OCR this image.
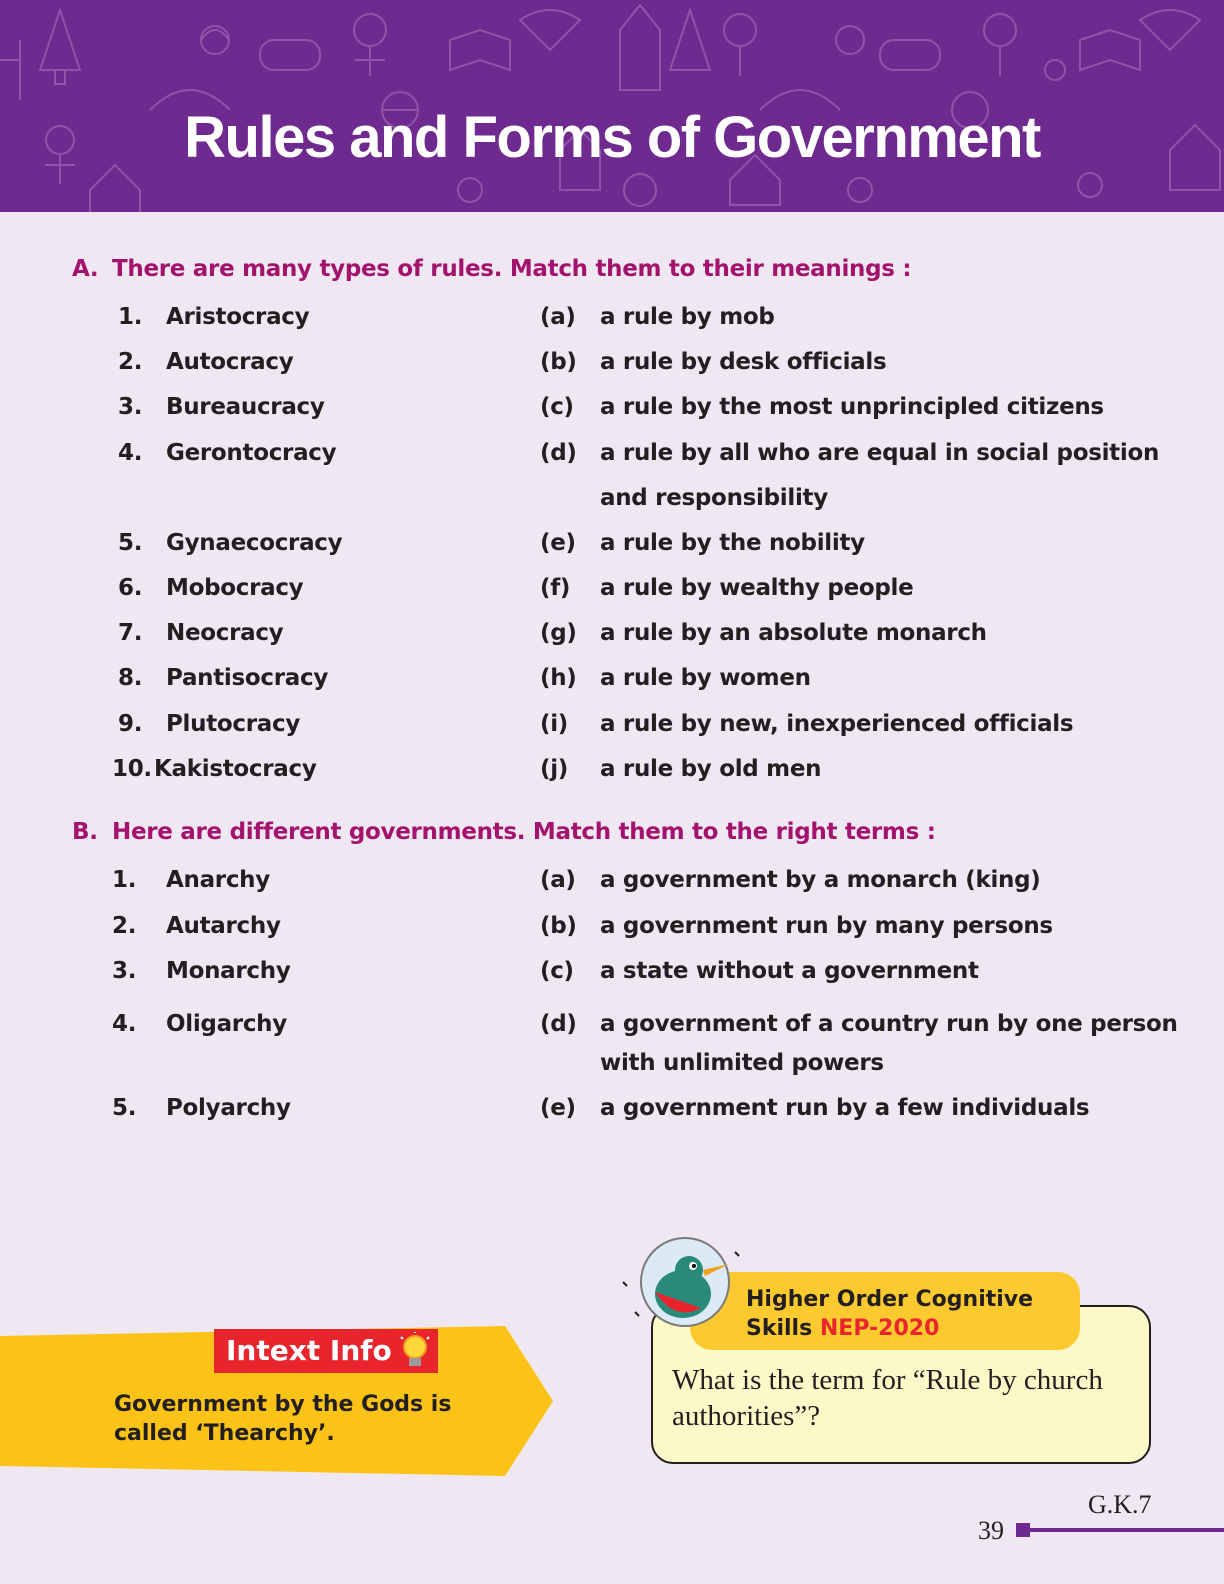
Rules and Forms of Government
A. There are many types of rules. Match them to their meanings :
1. Aristocracy	(a) a rule by mob
2. Autocracy	(b) a rule by desk officials
3. Bureaucracy	(c) a rule by the most unprincipled citizens
4. Gerontocracy	(d) a rule by all who are equal in social position
and responsibility
5. Gynaecocracy	(e) a rule by the nobility
6. Mobocracy	(f) a rule by wealthy people
7. Neocracy	(g) a rule by an absolute monarch
8. Pantisocracy	(h) a rule by women
9. Plutocracy	(i) a rule by new, inexperienced officials
10. Kakistocracy	(j) a rule by old men
B. Here are different governments. Match them to the right terms :
1. Anarchy	(a) a government by a monarch (king)
2. Autarchy	(b) a government run by many persons
3. Monarchy	(c) a state without a government
4. Oligarchy	(d) a government of a country run by one person
with unlimited powers
5. Polyarchy	(e) a government run by a few individuals
Intext Info
Government by the Gods is
called ‘Thearchy’.
Higher Order Cognitive
Skills NEP-2020
What is the term for “Rule by church authorities”?
G.K.7
39
